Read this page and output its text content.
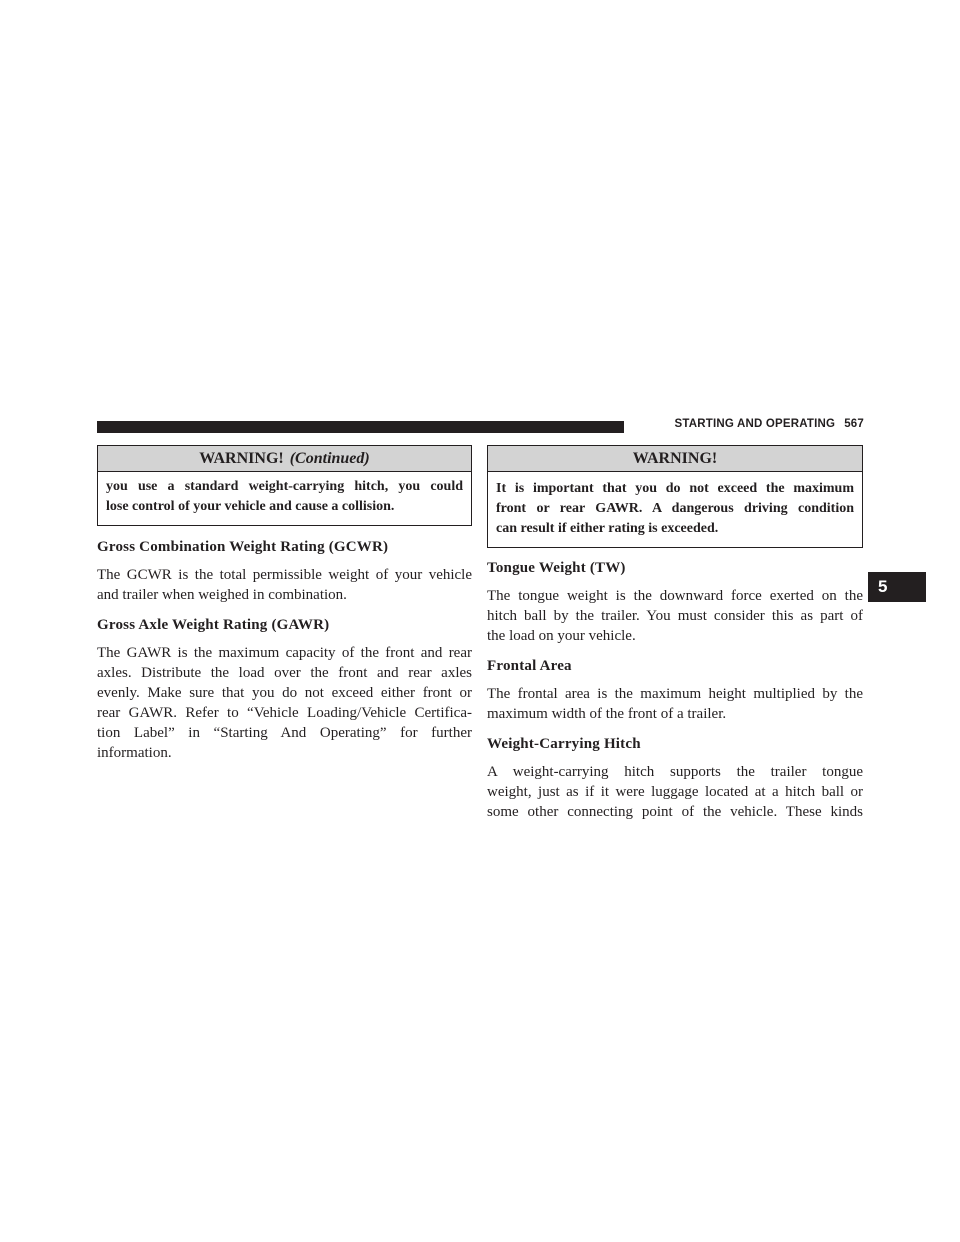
STARTING AND OPERATING 567
5
WARNING! (Continued)
you use a standard weight-carrying hitch, you could
lose control of your vehicle and cause a collision.
Gross Combination Weight Rating (GCWR)

The GCWR is the total permissible weight of your vehicle
and trailer when weighed in combination.

Gross Axle Weight Rating (GAWR)

The GAWR is the maximum capacity of the front and rear
axles. Distribute the load over the front and rear axles
evenly. Make sure that you do not exceed either front or
rear GAWR. Refer to “Vehicle Loading/Vehicle Certifica-
tion Label” in “Starting And Operating” for further
information.

WARNING!
It is important that you do not exceed the maximum
front or rear GAWR. A dangerous driving condition
can result if either rating is exceeded.
Tongue Weight (TW)

The tongue weight is the downward force exerted on the
hitch ball by the trailer. You must consider this as part of
the load on your vehicle.

Frontal Area

The frontal area is the maximum height multiplied by the
maximum width of the front of a trailer.

Weight-Carrying Hitch

A weight-carrying hitch supports the trailer tongue
weight, just as if it were luggage located at a hitch ball or
some other connecting point of the vehicle. These kinds
